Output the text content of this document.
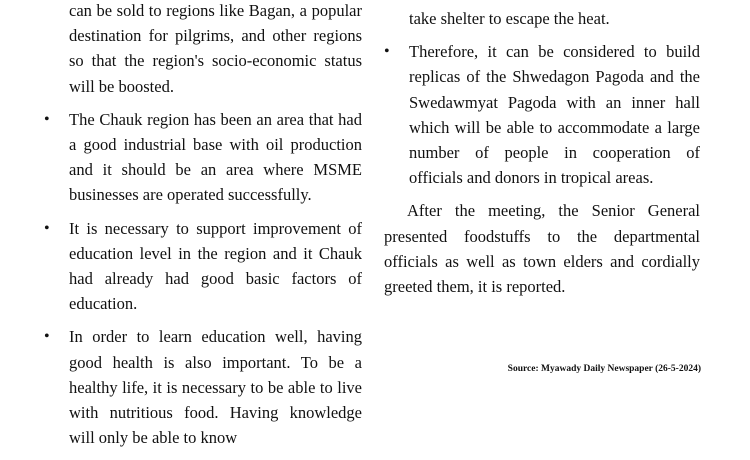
can be sold to regions like Bagan, a popular destination for pilgrims, and other regions so that the region's socio-economic status will be boosted.
• The Chauk region has been an area that had a good industrial base with oil production and it should be an area where MSME businesses are operated successfully.
• It is necessary to support improvement of education level in the region and it Chauk had already had good basic factors of education.
• In order to learn education well, having good health is also important. To be a healthy life, it is necessary to be able to live with nutritious food. Having knowledge will only be able to know
take shelter to escape the heat.
• Therefore, it can be considered to build replicas of the Shwedagon Pagoda and the Swedawmyat Pagoda with an inner hall which will be able to accommodate a large number of people in cooperation of officials and donors in tropical areas.

After the meeting, the Senior General presented foodstuffs to the departmental officials as well as town elders and cordially greeted them, it is reported.

Source: Myawady Daily Newspaper (26-5-2024)
